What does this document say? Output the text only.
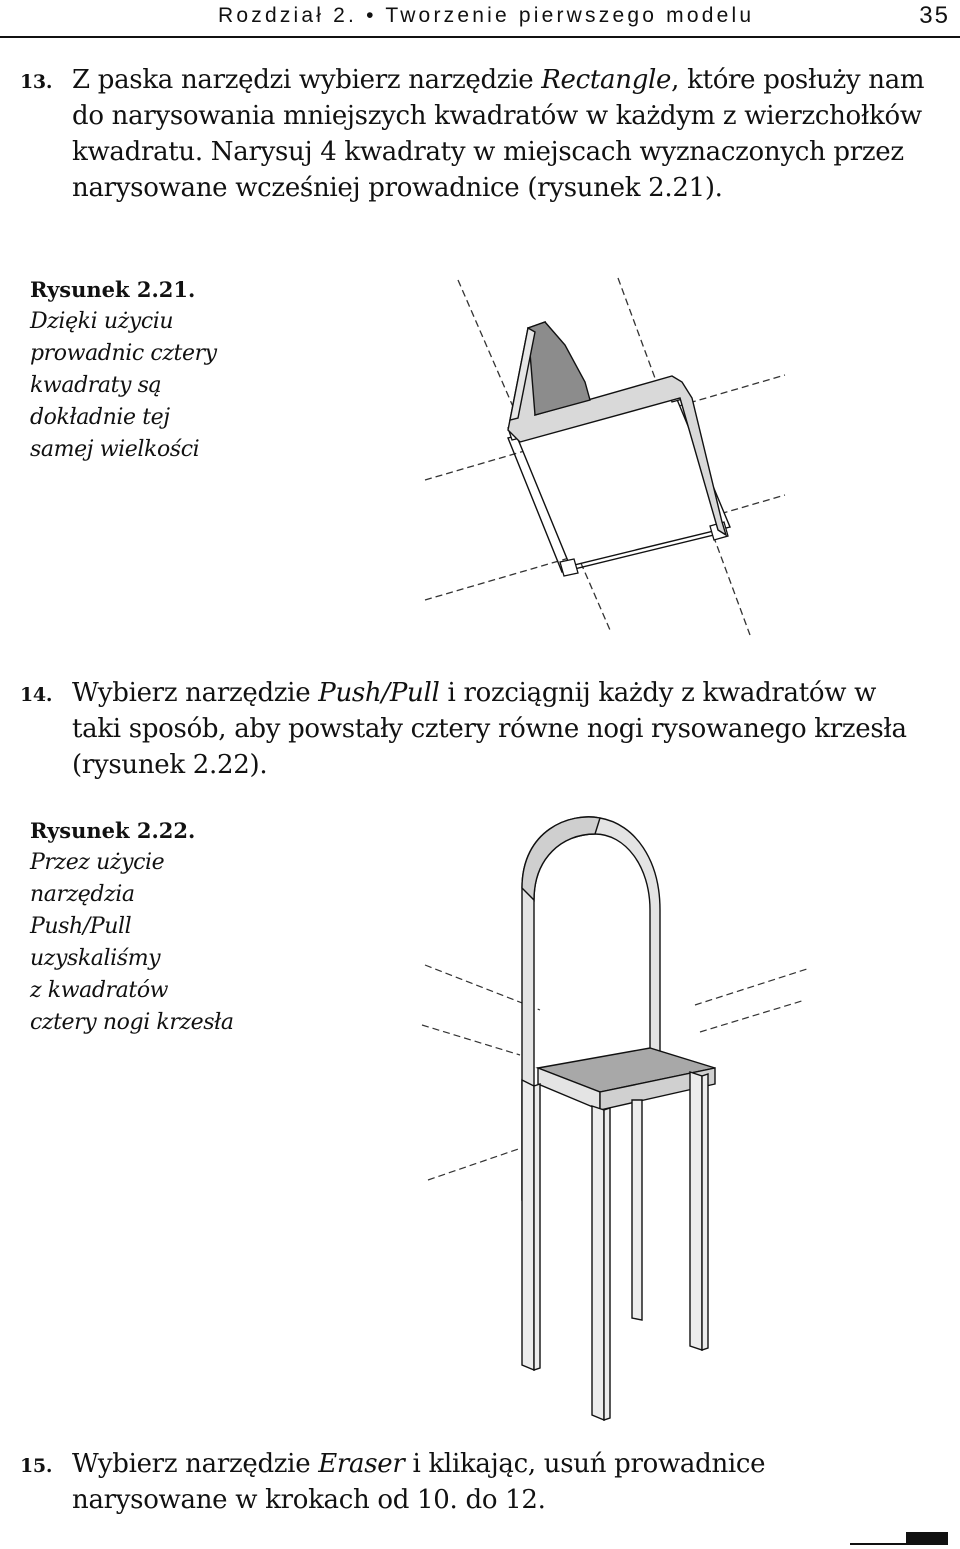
Rozdział 2. • Tworzenie pierwszego modelu	35
13. Z paska narzędzi wybierz narzędzie Rectangle, które posłuży nam do narysowania mniejszych kwadratów w każdym z wierzchołków kwadratu. Narysuj 4 kwadraty w miejscach wyznaczonych przez narysowane wcześniej prowadnice (rysunek 2.21).
Rysunek 2.21.
Dzięki użyciu
prowadnic cztery
kwadraty są
dokładnie tej
samej wielkości
14. Wybierz narzędzie Push/Pull i rozciągnij każdy z kwadratów w taki sposób, aby powstały cztery równe nogi rysowanego krzesła (rysunek 2.22).
Rysunek 2.22.
Przez użycie
narzędzia
Push/Pull
uzyskaliśmy
z kwadratów
cztery nogi krzesła
15. Wybierz narzędzie Eraser i klikając, usuń prowadnice narysowane w krokach od 10. do 12.
